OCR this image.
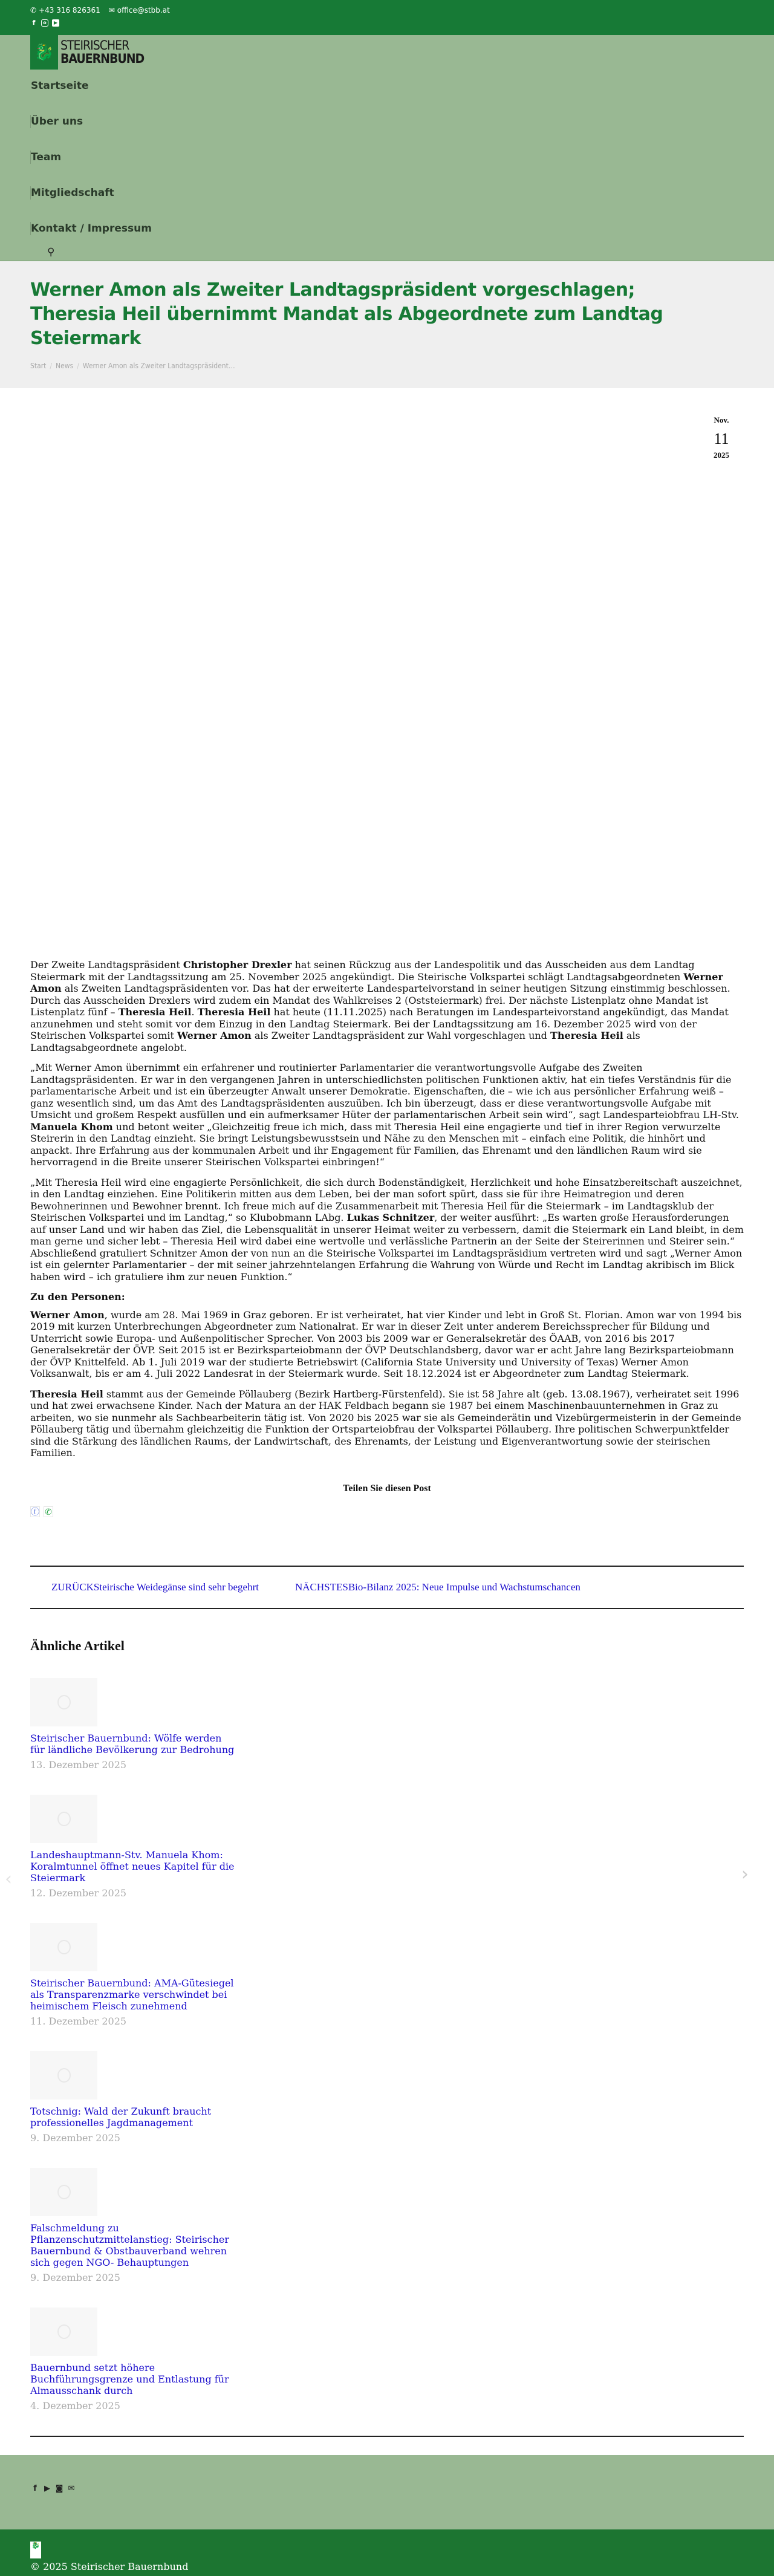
✆ +43 316 826361 ✉ office@stbb.at
f	o	▶
🐉 STEIRISCHER
BAUERNBUND
Startseite
Über uns
Team
Mitgliedschaft
Kontakt / Impressum
⚲
Werner Amon als Zweiter Landtagspräsident vorgeschlagen; Theresia Heil übernimmt Mandat als Abgeordnete zum Landtag Steiermark
Start / News / Werner Amon als Zweiter Landtagspräsident…
Nov.
11
2025

Der Zweite Landtagspräsident Christopher Drexler hat seinen Rückzug aus der Landespolitik und das Ausscheiden aus dem Landtag Steiermark mit der Landtagssitzung am 25. November 2025 angekündigt. Die Steirische Volkspartei schlägt Landtagsabgeordneten Werner Amon als Zweiten Landtagspräsidenten vor. Das hat der erweiterte Landesparteivorstand in seiner heutigen Sitzung einstimmig beschlossen. Durch das Ausscheiden Drexlers wird zudem ein Mandat des Wahlkreises 2 (Oststeiermark) frei. Der nächste Listenplatz ohne Mandat ist Listenplatz fünf – Theresia Heil. Theresia Heil hat heute (11.11.2025) nach Beratungen im Landesparteivorstand angekündigt, das Mandat anzunehmen und steht somit vor dem Einzug in den Landtag Steiermark. Bei der Landtagssitzung am 16. Dezember 2025 wird von der Steirischen Volkspartei somit Werner Amon als Zweiter Landtagspräsident zur Wahl vorgeschlagen und Theresia Heil als Landtagsabgeordnete angelobt.

„Mit Werner Amon übernimmt ein erfahrener und routinierter Parlamentarier die verantwortungsvolle Aufgabe des Zweiten Landtagspräsidenten. Er war in den vergangenen Jahren in unterschiedlichsten politischen Funktionen aktiv, hat ein tiefes Verständnis für die parlamentarische Arbeit und ist ein überzeugter Anwalt unserer Demokratie. Eigenschaften, die – wie ich aus persönlicher Erfahrung weiß – ganz wesentlich sind, um das Amt des Landtagspräsidenten auszuüben. Ich bin überzeugt, dass er diese verantwortungsvolle Aufgabe mit Umsicht und großem Respekt ausfüllen und ein aufmerksamer Hüter der parlamentarischen Arbeit sein wird“, sagt Landesparteiobfrau LH-Stv. Manuela Khom und betont weiter „Gleichzeitig freue ich mich, dass mit Theresia Heil eine engagierte und tief in ihrer Region verwurzelte Steirerin in den Landtag einzieht. Sie bringt Leistungsbewusstsein und Nähe zu den Menschen mit – einfach eine Politik, die hinhört und anpackt. Ihre Erfahrung aus der kommunalen Arbeit und ihr Engagement für Familien, das Ehrenamt und den ländlichen Raum wird sie hervorragend in die Breite unserer Steirischen Volkspartei einbringen!“

„Mit Theresia Heil wird eine engagierte Persönlichkeit, die sich durch Bodenständigkeit, Herzlichkeit und hohe Einsatzbereitschaft auszeichnet, in den Landtag einziehen. Eine Politikerin mitten aus dem Leben, bei der man sofort spürt, dass sie für ihre Heimatregion und deren Bewohnerinnen und Bewohner brennt. Ich freue mich auf die Zusammenarbeit mit Theresia Heil für die Steiermark – im Landtagsklub der Steirischen Volkspartei und im Landtag,“ so Klubobmann LAbg. Lukas Schnitzer, der weiter ausführt: „Es warten große Herausforderungen auf unser Land und wir haben das Ziel, die Lebensqualität in unserer Heimat weiter zu verbessern, damit die Steiermark ein Land bleibt, in dem man gerne und sicher lebt – Theresia Heil wird dabei eine wertvolle und verlässliche Partnerin an der Seite der Steirerinnen und Steirer sein.“ Abschließend gratuliert Schnitzer Amon der von nun an die Steirische Volkspartei im Landtagspräsidium vertreten wird und sagt „Werner Amon ist ein gelernter Parlamentarier – der mit seiner jahrzehntelangen Erfahrung die Wahrung von Würde und Recht im Landtag akribisch im Blick haben wird – ich gratuliere ihm zur neuen Funktion.“

Zu den Personen:

Werner Amon, wurde am 28. Mai 1969 in Graz geboren. Er ist verheiratet, hat vier Kinder und lebt in Groß St. Florian. Amon war von 1994 bis 2019 mit kurzen Unterbrechungen Abgeordneter zum Nationalrat. Er war in dieser Zeit unter anderem Bereichssprecher für Bildung und Unterricht sowie Europa- und Außenpolitischer Sprecher. Von 2003 bis 2009 war er Generalsekretär des ÖAAB, von 2016 bis 2017 Generalsekretär der ÖVP. Seit 2015 ist er Bezirksparteiobmann der ÖVP Deutschlandsberg, davor war er acht Jahre lang Bezirksparteiobmann der ÖVP Knittelfeld. Ab 1. Juli 2019 war der studierte Betriebswirt (California State University und University of Texas) Werner Amon Volksanwalt, bis er am 4. Juli 2022 Landesrat in der Steiermark wurde. Seit 18.12.2024 ist er Abgeordneter zum Landtag Steiermark.

Theresia Heil stammt aus der Gemeinde Pöllauberg (Bezirk Hartberg-Fürstenfeld). Sie ist 58 Jahre alt (geb. 13.08.1967), verheiratet seit 1996 und hat zwei erwachsene Kinder. Nach der Matura an der HAK Feldbach begann sie 1987 bei einem Maschinenbauunternehmen in Graz zu arbeiten, wo sie nunmehr als Sachbearbeiterin tätig ist. Von 2020 bis 2025 war sie als Gemeinderätin und Vizebürgermeisterin in der Gemeinde Pöllauberg tätig und übernahm gleichzeitig die Funktion der Ortsparteiobfrau der Volkspartei Pöllauberg. Ihre politischen Schwerpunktfelder sind die Stärkung des ländlichen Raums, der Landwirtschaft, des Ehrenamts, der Leistung und Eigenverantwortung sowie der steirischen Familien.

Teilen Sie diesen Post
ⓕ ✆
ZURÜCKSteirische Weidegänse sind sehr begehrt	NÄCHSTESBio-Bilanz 2025: Neue Impulse und Wachstumschancen
Ähnliche Artikel
‹	›
Steirischer Bauernbund: Wölfe werden für ländliche Bevölkerung zur Bedrohung
13. Dezember 2025
Landeshauptmann-Stv. Manuela Khom: Koralmtunnel öffnet neues Kapitel für die Steiermark
12. Dezember 2025
Steirischer Bauernbund: AMA-Gütesiegel als Transparenzmarke verschwindet bei heimischem Fleisch zunehmend
11. Dezember 2025
Totschnig: Wald der Zukunft braucht professionelles Jagdmanagement
9. Dezember 2025
Falschmeldung zu Pflanzenschutzmittelanstieg: Steirischer Bauernbund & Obstbauverband wehren sich gegen NGO- Behauptungen
9. Dezember 2025
Bauernbund setzt höhere Buchführungsgrenze und Entlastung für Almausschank durch
4. Dezember 2025
f ▶ ◙ ✉
🐉
© 2025 Steirischer Bauernbund
